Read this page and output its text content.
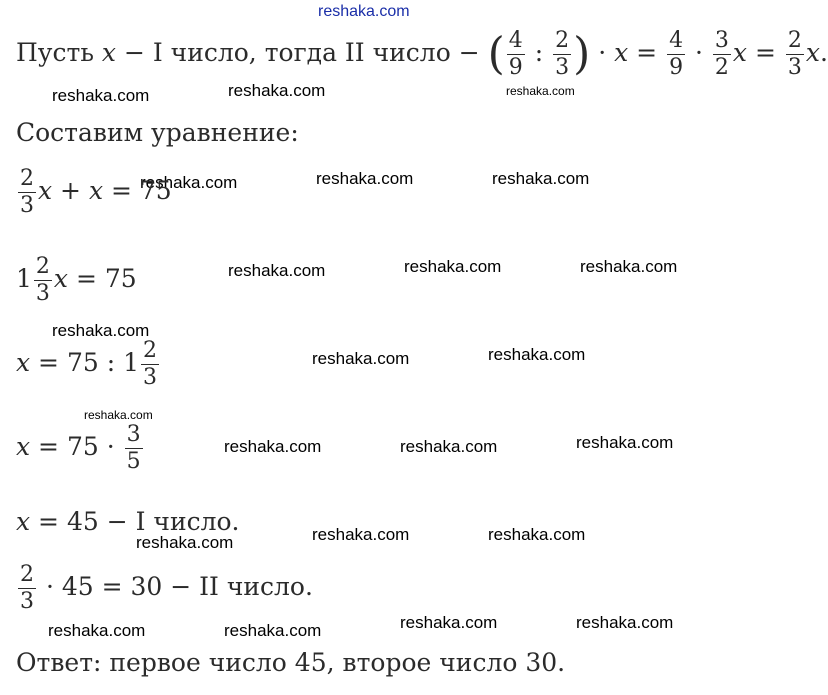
reshaka.com
reshaka.com	reshaka.com	reshaka.com
reshaka.com	reshaka.com	reshaka.com
reshaka.com	reshaka.com	reshaka.com
reshaka.com
reshaka.com	reshaka.com
reshaka.com
reshaka.com	reshaka.com	reshaka.com
reshaka.com	reshaka.com	reshaka.com
reshaka.com	reshaka.com	reshaka.com	reshaka.com
Пусть x − I число, тогда II число − ( $\frac{4}{9}$ : $\frac{2}{3}$ ) · $x = \frac{4}{9} \cdot \frac{3}{2}$ $x = \frac{2}{3} x$.
Составим уравнение:
$\frac{2}{3}$ x + x = 75
$1 \frac{2}{3}$ x = 75
x = 75 : $1 \frac{2}{3}$
$x = 75 \cdot \frac{3}{5}$
x = 45 − I число.
$\frac{2}{3} \cdot 45 = 30$ − II число.
Ответ: первое число 45, второе число 30.
